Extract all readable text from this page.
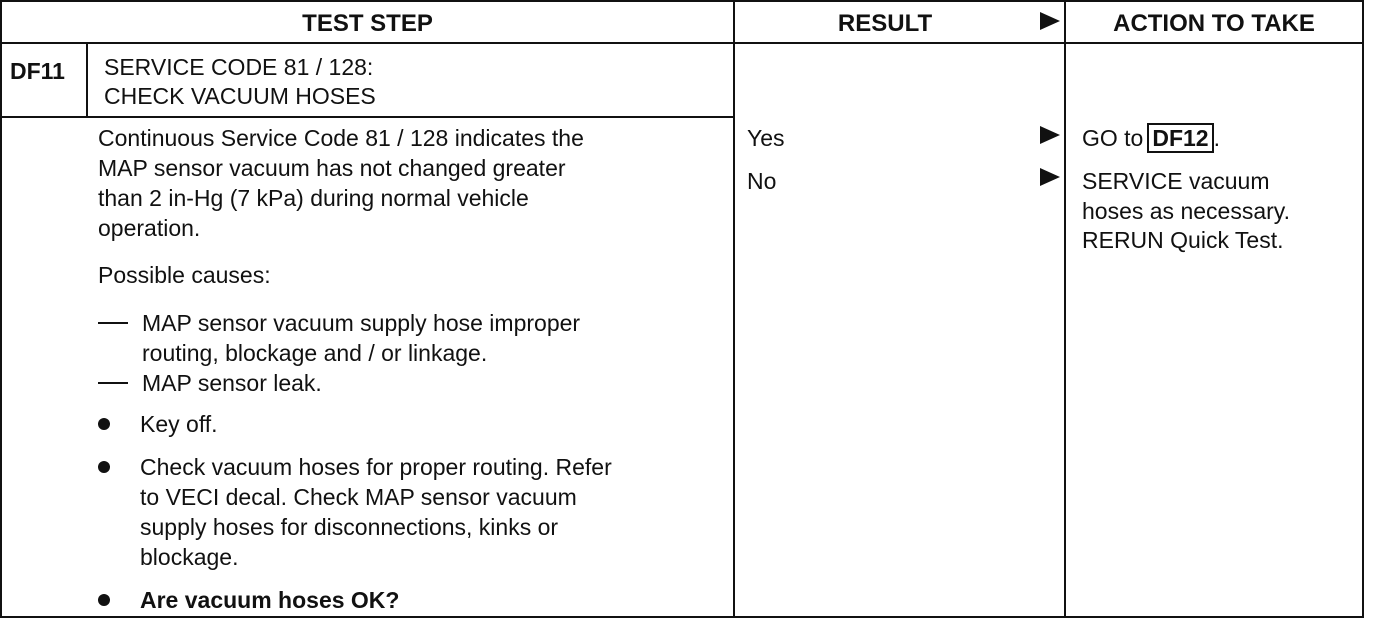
TEST STEP	RESULT	ACTION TO TAKE
DF11 SERVICE CODE 81 / 128:
CHECK VACUUM HOSES
Continuous Service Code 81 / 128 indicates the
MAP sensor vacuum has not changed greater
than 2 in-Hg (7 kPa) during normal vehicle
operation.
Possible causes:
MAP sensor vacuum supply hose improper
routing, blockage and / or linkage.
MAP sensor leak.
Key off.
Check vacuum hoses for proper routing. Refer
to VECI decal. Check MAP sensor vacuum
supply hoses for disconnections, kinks or
blockage.
Are vacuum hoses OK?
Yes
No
GO to DF12 .
SERVICE vacuum
hoses as necessary.
RERUN Quick Test.
